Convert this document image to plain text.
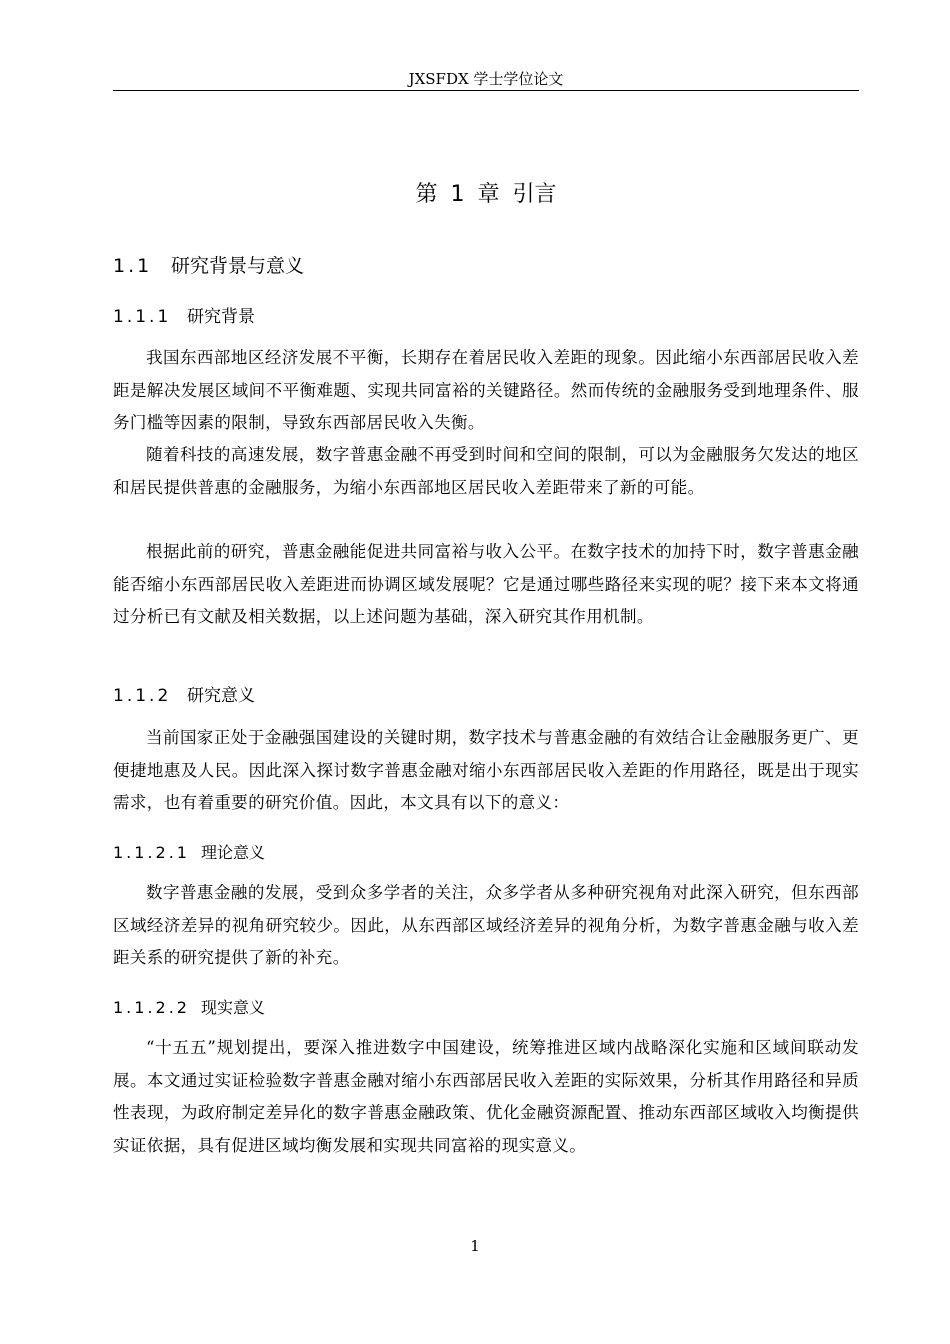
JXSFDX 学士学位论文
第 1 章 引言
1.1 研究背景与意义
1.1.1 研究背景

我国东西部地区经济发展不平衡，长期存在着居民收入差距的现象。因此缩小东西部居民收入差距是解决发展区域间不平衡难题、实现共同富裕的关键路径。然而传统的金融服务受到地理条件、服务门槛等因素的限制，导致东西部居民收入失衡。

随着科技的高速发展，数字普惠金融不再受到时间和空间的限制，可以为金融服务欠发达的地区和居民提供普惠的金融服务，为缩小东西部地区居民收入差距带来了新的可能。

根据此前的研究，普惠金融能促进共同富裕与收入公平。在数字技术的加持下时，数字普惠金融能否缩小东西部居民收入差距进而协调区域发展呢？它是通过哪些路径来实现的呢？接下来本文将通过分析已有文献及相关数据，以上述问题为基础，深入研究其作用机制。

1.1.2 研究意义

当前国家正处于金融强国建设的关键时期，数字技术与普惠金融的有效结合让金融服务更广、更便捷地惠及人民。因此深入探讨数字普惠金融对缩小东西部居民收入差距的作用路径，既是出于现实需求，也有着重要的研究价值。因此，本文具有以下的意义：

1.1.2.1 理论意义

数字普惠金融的发展，受到众多学者的关注，众多学者从多种研究视角对此深入研究，但东西部区域经济差异的视角研究较少。因此，从东西部区域经济差异的视角分析，为数字普惠金融与收入差距关系的研究提供了新的补充。

1.1.2.2 现实意义

“十五五”规划提出，要深入推进数字中国建设，统筹推进区域内战略深化实施和区域间联动发展。本文通过实证检验数字普惠金融对缩小东西部居民收入差距的实际效果，分析其作用路径和异质性表现，为政府制定差异化的数字普惠金融政策、优化金融资源配置、推动东西部区域收入均衡提供实证依据，具有促进区域均衡发展和实现共同富裕的现实意义。

1
